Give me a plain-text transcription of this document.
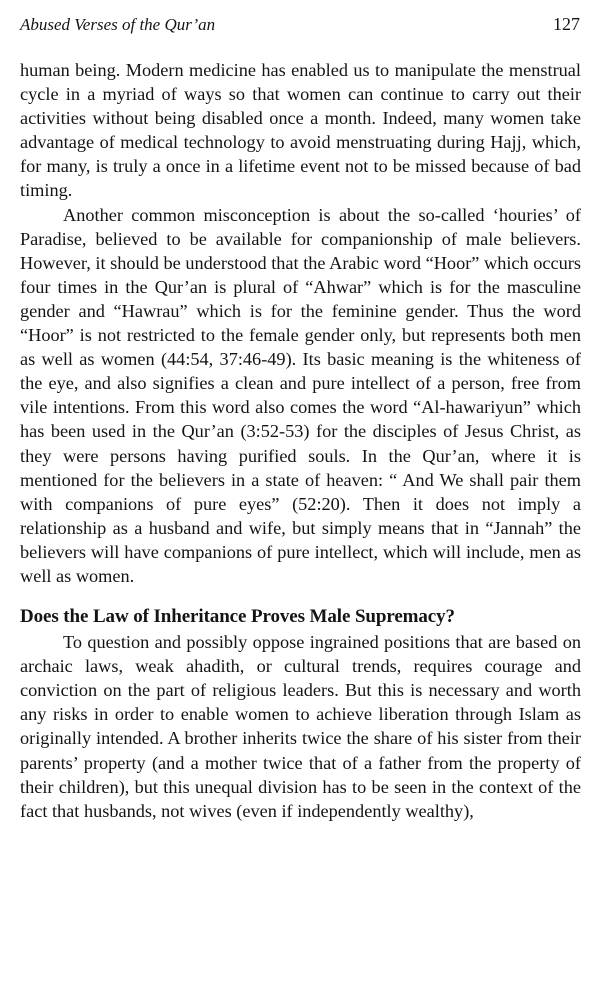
Abused Verses of the Qur’an	127

human being. Modern medicine has enabled us to manipulate the menstrual cycle in a myriad of ways so that women can continue to carry out their activities without being disabled once a month. Indeed, many women take advantage of medical technology to avoid menstruating during Hajj, which, for many, is truly a once in a lifetime event not to be missed because of bad timing.

Another common misconception is about the so-called ‘houries’ of Paradise, believed to be available for companionship of male believers. However, it should be understood that the Arabic word “Hoor” which occurs four times in the Qur’an is plural of “Ahwar” which is for the masculine gender and “Hawrau” which is for the feminine gender. Thus the word “Hoor” is not restricted to the female gender only, but represents both men as well as women (44:54, 37:46-49). Its basic meaning is the whiteness of the eye, and also signifies a clean and pure intellect of a person, free from vile intentions. From this word also comes the word “Al-hawariyun” which has been used in the Qur’an (3:52-53) for the disciples of Jesus Christ, as they were persons having purified souls. In the Qur’an, where it is mentioned for the believers in a state of heaven: “ And We shall pair them with companions of pure eyes” (52:20). Then it does not imply a relationship as a husband and wife, but simply means that in “Jannah” the believers will have companions of pure intellect, which will include, men as well as women.

Does the Law of Inheritance Proves Male Supremacy?

To question and possibly oppose ingrained positions that are based on archaic laws, weak ahadith, or cultural trends, requires courage and conviction on the part of religious leaders. But this is necessary and worth any risks in order to enable women to achieve liberation through Islam as originally intended. A brother inherits twice the share of his sister from their parents’ property (and a mother twice that of a father from the property of their children), but this unequal division has to be seen in the context of the fact that husbands, not wives (even if independently wealthy),
